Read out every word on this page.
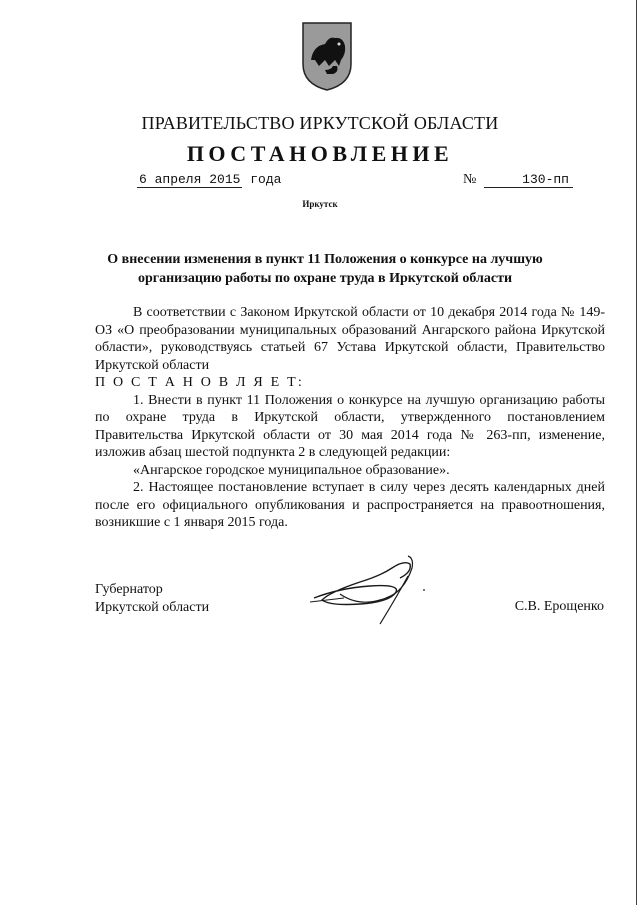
ПРАВИТЕЛЬСТВО ИРКУТСКОЙ ОБЛАСТИ
ПОСТАНОВЛЕНИЕ
6 апреля 2015 года	№	130-пп
Иркутск
О внесении изменения в пункт 11 Положения о конкурсе на лучшую организацию работы по охране труда в Иркутской области

В соответствии с Законом Иркутской области от 10 декабря 2014 года № 149-ОЗ «О преобразовании муниципальных образований Ангарского района Иркутской области», руководствуясь статьей 67 Устава Иркутской области, Правительство Иркутской области

П О С Т А Н О В Л Я Е Т:

1. Внести в пункт 11 Положения о конкурсе на лучшую организацию работы по охране труда в Иркутской области, утвержденного постановлением Правительства Иркутской области от 30 мая 2014 года № 263-пп, изменение, изложив абзац шестой подпункта 2 в следующей редакции:

«Ангарское городское муниципальное образование».

2. Настоящее постановление вступает в силу через десять календарных дней после его официального опубликования и распространяется на правоотношения, возникшие с 1 января 2015 года.

Губернатор
Иркутской области	С.В. Ерощенко
